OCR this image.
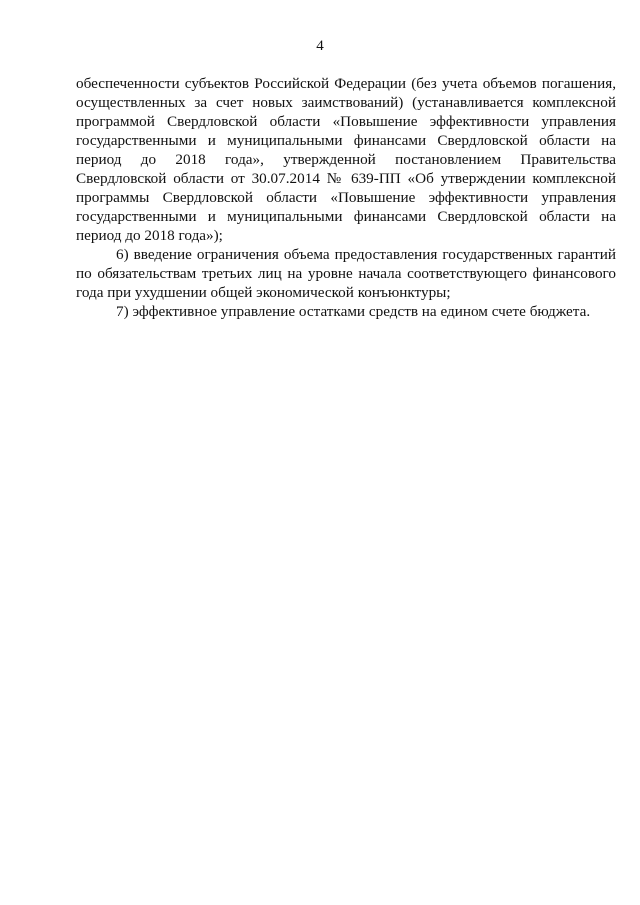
4

обеспеченности субъектов Российской Федерации (без учета объемов погашения, осуществленных за счет новых заимствований) (устанавливается комплексной программой Свердловской области «Повышение эффективности управления государственными и муниципальными финансами Свердловской области на период до 2018 года», утвержденной постановлением Правительства Свердловской области от 30.07.2014 № 639-ПП «Об утверждении комплексной программы Свердловской области «Повышение эффективности управления государственными и муниципальными финансами Свердловской области на период до 2018 года»);

6) введение ограничения объема предоставления государственных гарантий по обязательствам третьих лиц на уровне начала соответствующего финансового года при ухудшении общей экономической конъюнктуры;

7) эффективное управление остатками средств на едином счете бюджета.
